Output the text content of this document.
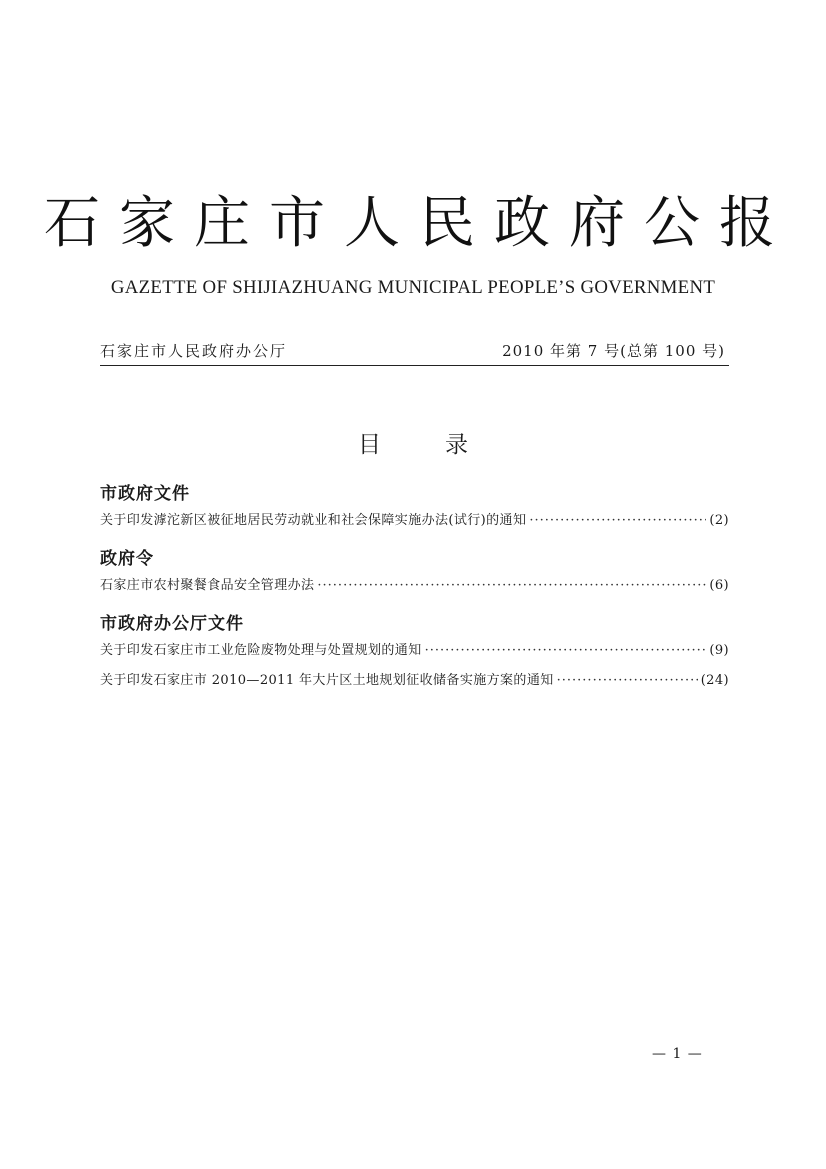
石家庄市人民政府公报
GAZETTE OF SHIJIAZHUANG MUNICIPAL PEOPLE’S GOVERNMENT
石家庄市人民政府办公厅	2010 年第 7 号(总第 100 号)
目	录
市政府文件
关于印发滹沱新区被征地居民劳动就业和社会保障实施办法(试行)的通知 ·····	(2)
政府令
石家庄市农村聚餐食品安全管理办法 ·····	(6)
市政府办公厅文件
关于印发石家庄市工业危险废物处理与处置规划的通知 ·····	(9)
关于印发石家庄市 2010—2011 年大片区土地规划征收储备实施方案的通知 ·····	(24)
— 1 —
